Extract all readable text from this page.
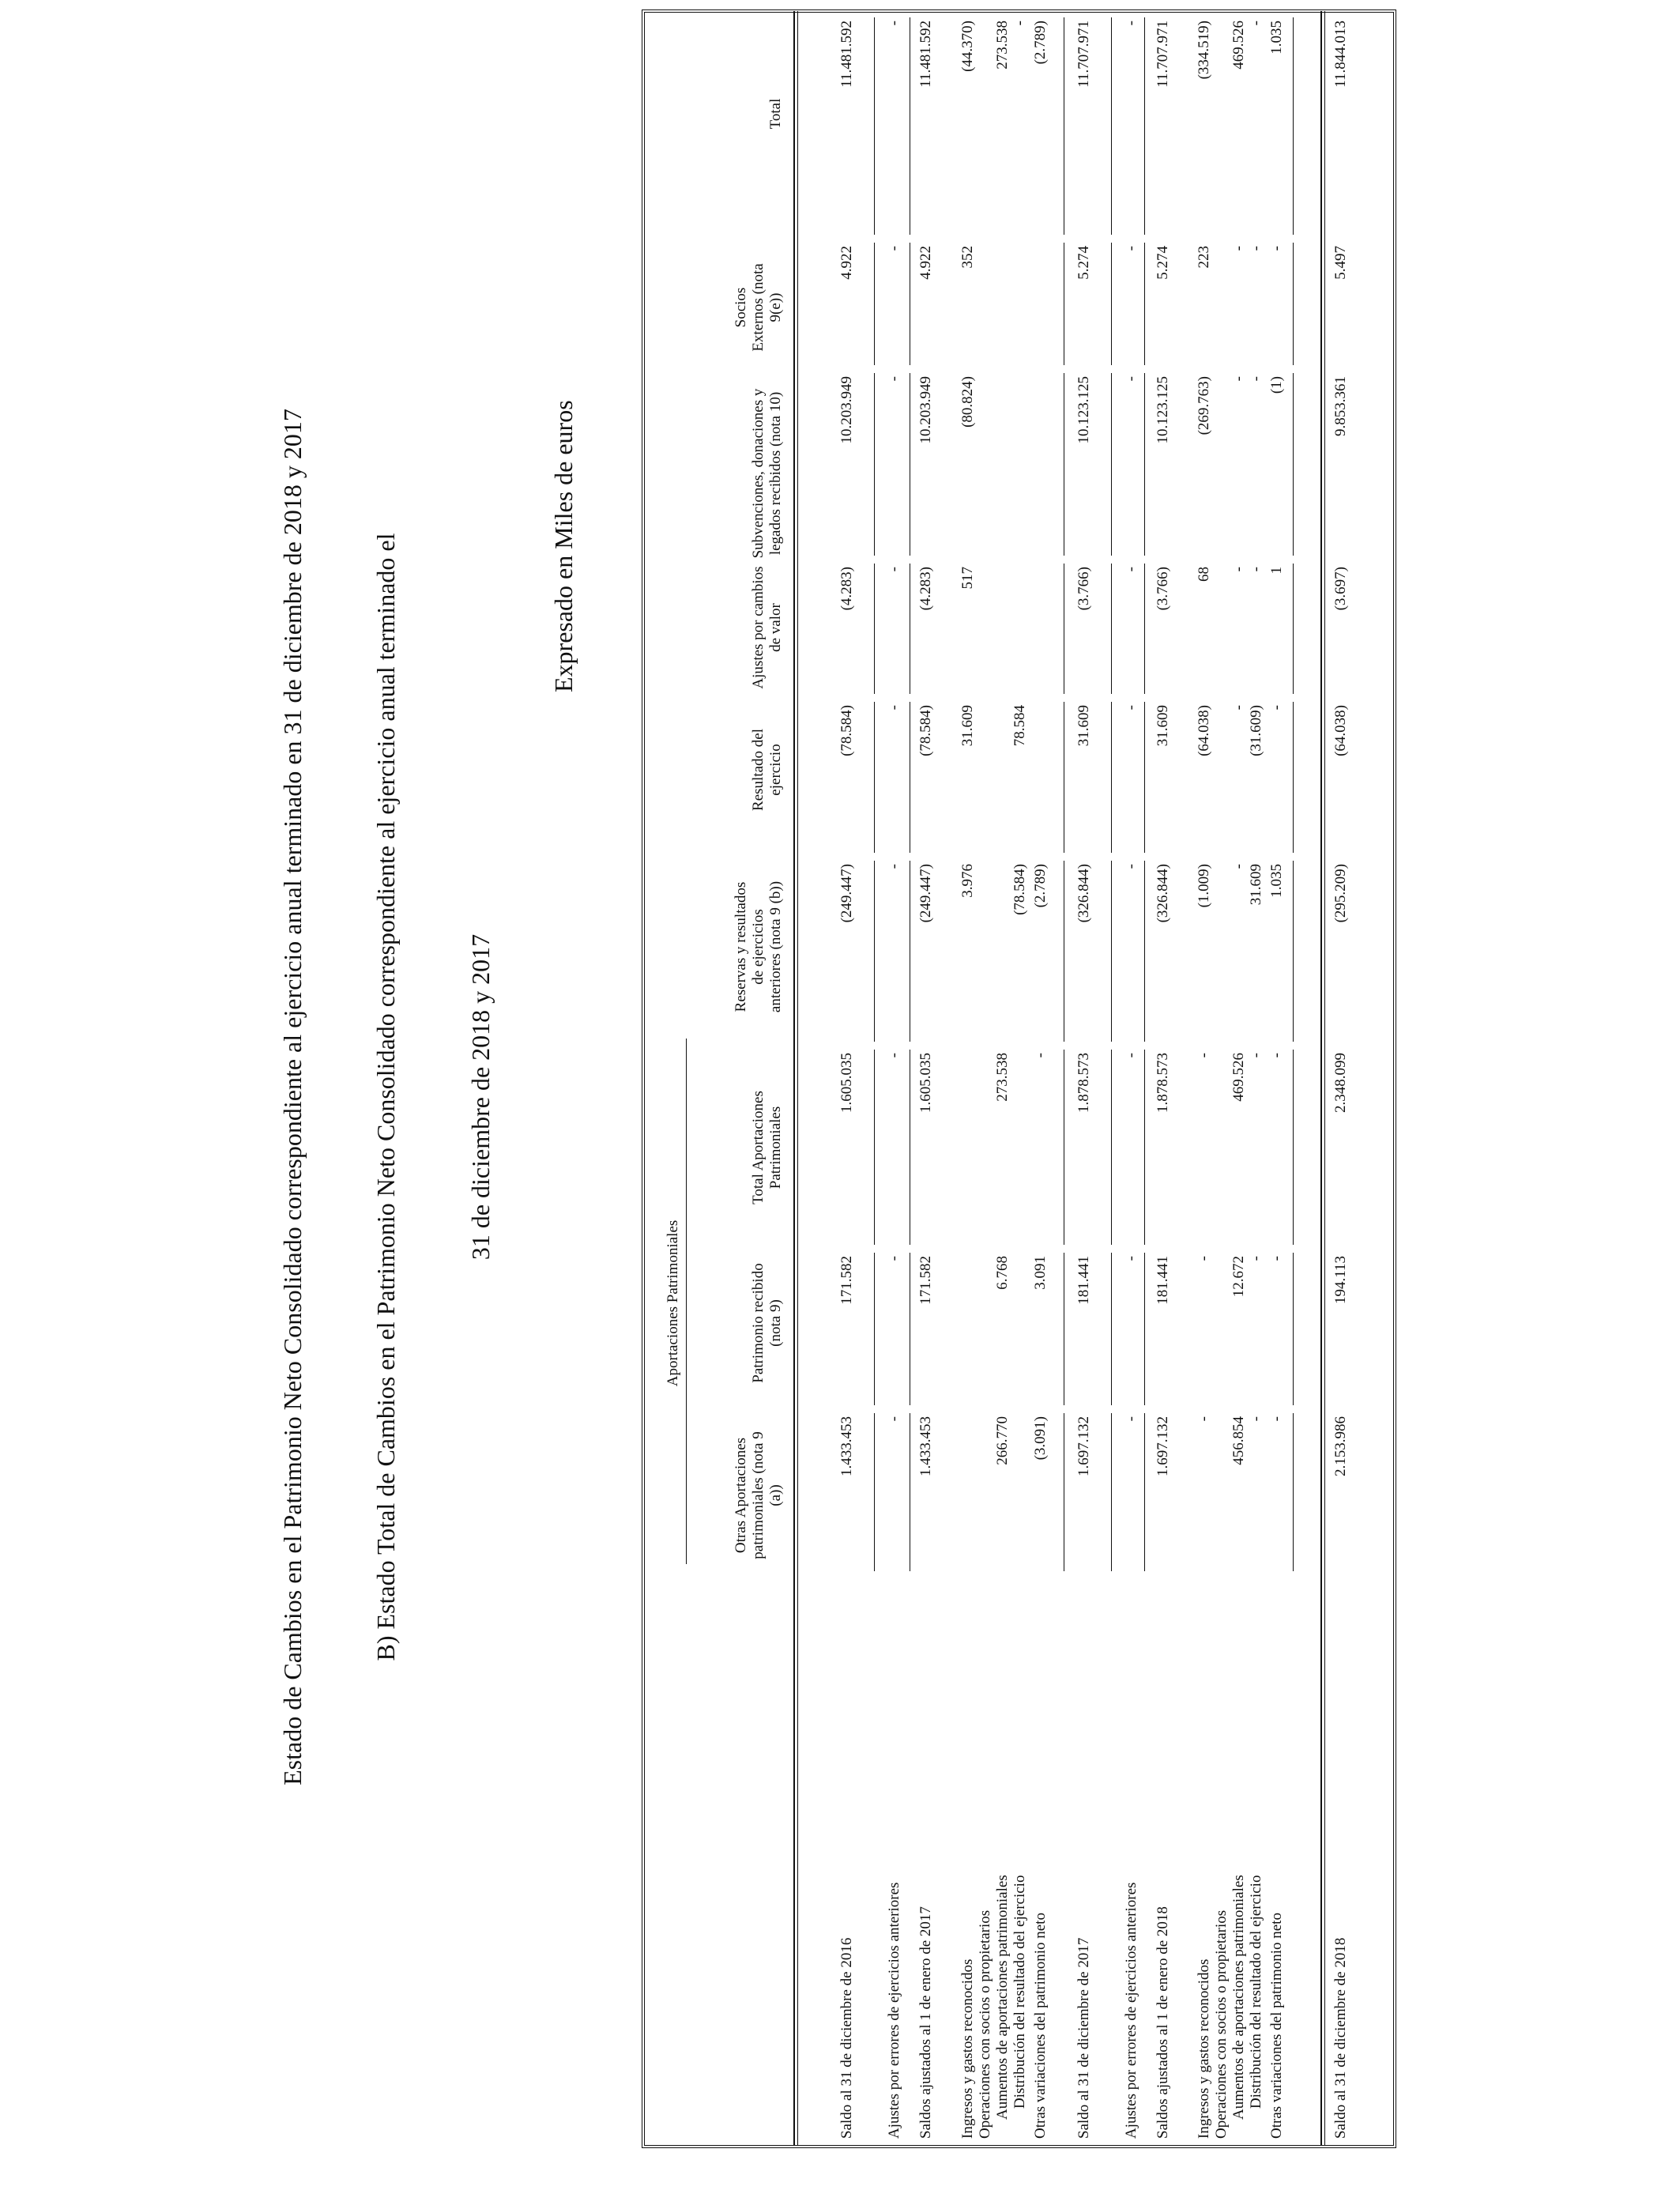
Estado de Cambios en el Patrimonio Neto Consolidado correspondiente al ejercicio anual terminado en 31 de diciembre de 2018 y 2017	B) Estado Total de Cambios en el Patrimonio Neto Consolidado correspondiente al ejercicio anual terminado el	31 de diciembre de 2018 y 2017
Expresado en Miles de euros
Aportaciones Patrimoniales
Otras Aportaciones patrimoniales (nota 9 (a))
Patrimonio recibido (nota 9)
Total Aportaciones Patrimoniales
Reservas y resultados de ejercicios anteriores (nota 9 (b))
Resultado del ejercicio
Ajustes por cambios de valor
Subvenciones, donaciones y legados recibidos (nota 10)
Socios Externos (nota 9(e))
Total
Saldo al 31 de diciembre de 2016
1.433.453
171.582
1.605.035
(249.447)
(78.584)
(4.283)
10.203.949
4.922
11.481.592
Ajustes por errores de ejercicios anteriores
-
-
-
-
-
-
-
-
-
Saldos ajustados al 1 de enero de 2017
1.433.453
171.582
1.605.035
(249.447)
(78.584)
(4.283)
10.203.949
4.922
11.481.592
Ingresos y gastos reconocidos
3.976
31.609
517
(80.824)
352
(44.370)
Operaciones con socios o propietarios Aumentos de aportaciones patrimoniales
266.770
6.768
273.538
273.538
Distribución del resultado del ejercicio
(78.584)
78.584
-
Otras variaciones del patrimonio neto
(3.091)
3.091
-
(2.789)
(2.789)
Saldo al 31 de diciembre de 2017
1.697.132
181.441
1.878.573
(326.844)
31.609
(3.766)
10.123.125
5.274
11.707.971
Ajustes por errores de ejercicios anteriores
-
-
-
-
-
-
-
-
-
Saldos ajustados al 1 de enero de 2018
1.697.132
181.441
1.878.573
(326.844)
31.609
(3.766)
10.123.125
5.274
11.707.971
Ingresos y gastos reconocidos
-
-
-
(1.009)
(64.038)
68
(269.763)
223
(334.519)
Operaciones con socios o propietarios Aumentos de aportaciones patrimoniales
456.854
12.672
469.526
-
-
-
-
-
469.526
Distribución del resultado del ejercicio
-
-
-
31.609
(31.609)
-
-
-
-
Otras variaciones del patrimonio neto
-
-
-
1.035
-
1
(1)
-
1.035
Saldo al 31 de diciembre de 2018
2.153.986
194.113
2.348.099
(295.209)
(64.038)
(3.697)
9.853.361
5.497
11.844.013
